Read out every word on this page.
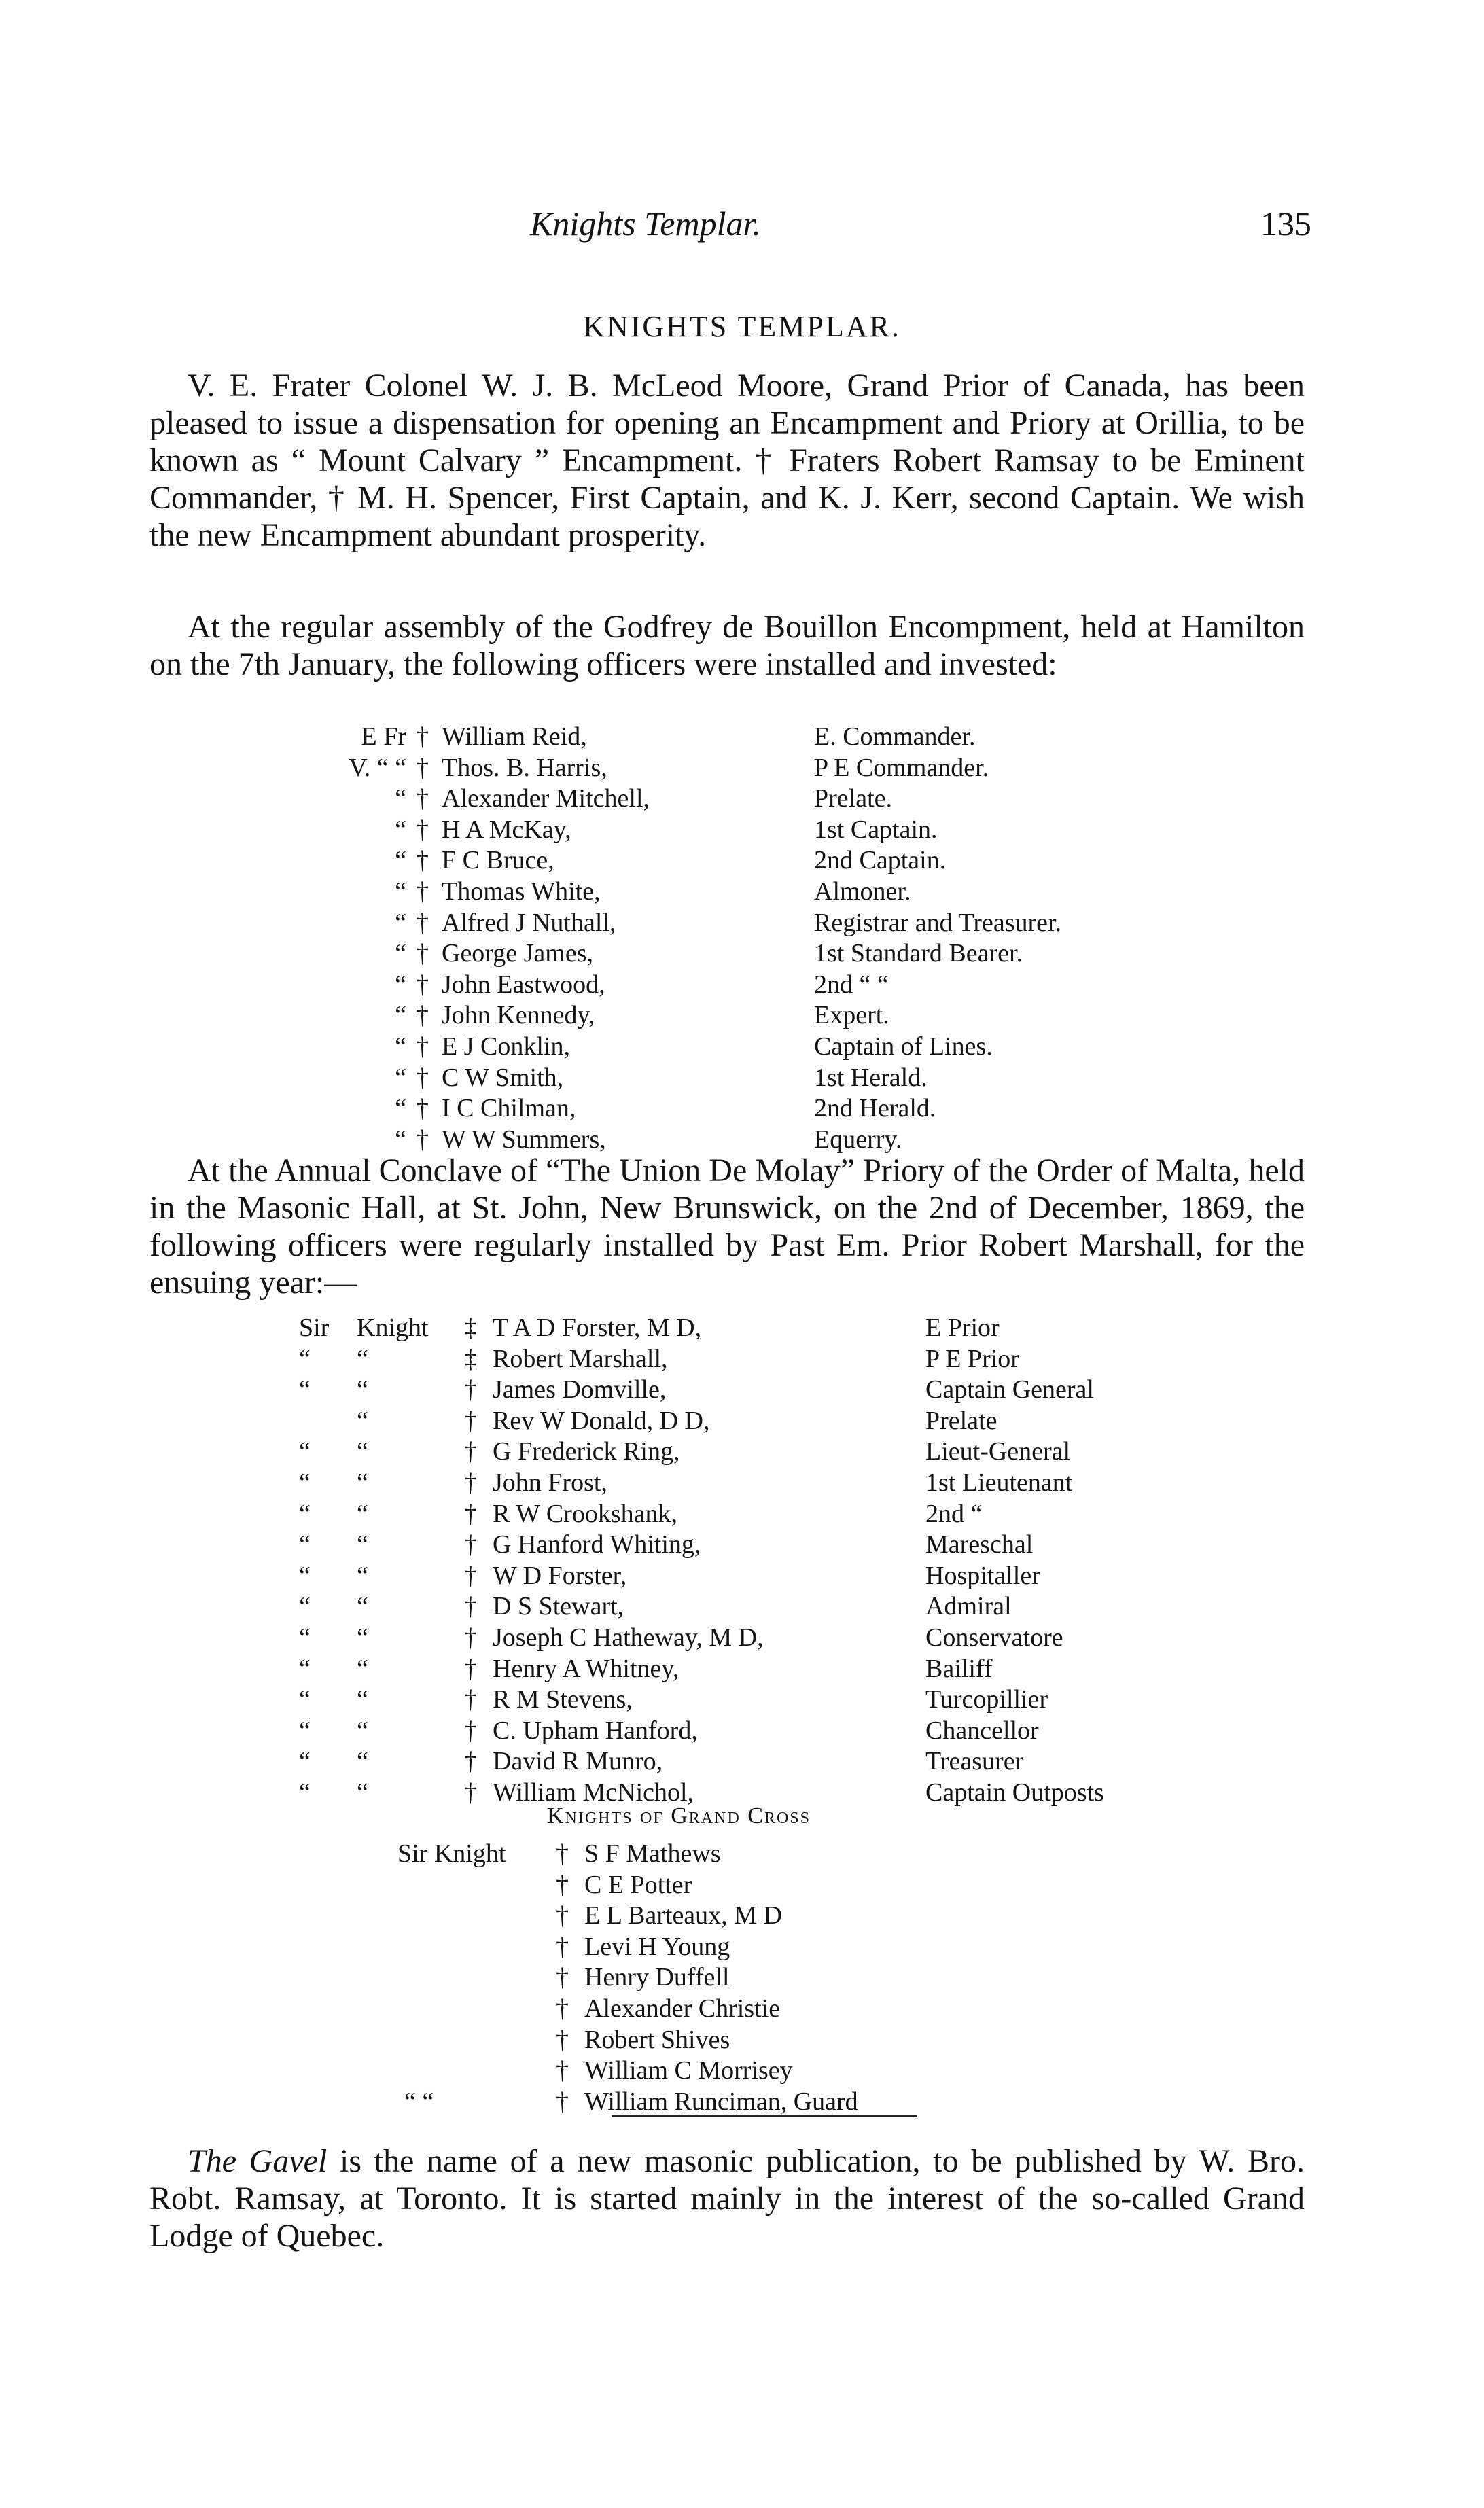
Knights Templar.	135
KNIGHTS TEMPLAR.

V. E. Frater Colonel W. J. B. McLeod Moore, Grand Prior of Canada, has been pleased to issue a dispensation for opening an Encampment and Priory at Orillia, to be known as “ Mount Calvary ” Encampment. † Fraters Robert Ramsay to be Eminent Commander, † M. H. Spencer, First Captain, and K. J. Kerr, second Captain. We wish the new Encampment abundant prosperity.

At the regular assembly of the Godfrey de Bouillon Encompment, held at Hamilton on the 7th January, the following officers were installed and invested:

E Fr † William Reid,	E. Commander.
V. “ “ † Thos. B. Harris,	P E Commander.
“ † Alexander Mitchell,	Prelate.
“ † H A McKay,	1st Captain.
“ † F C Bruce,	2nd Captain.
“ † Thomas White,	Almoner.
“ † Alfred J Nuthall,	Registrar and Treasurer.
“ † George James,	1st Standard Bearer.
“ † John Eastwood,	2nd “ “
“ † John Kennedy,	Expert.
“ † E J Conklin,	Captain of Lines.
“ † C W Smith,	1st Herald.
“ † I C Chilman,	2nd Herald.
“ † W W Summers,	Equerry.

At the Annual Conclave of “The Union De Molay” Priory of the Order of Malta, held in the Masonic Hall, at St. John, New Brunswick, on the 2nd of December, 1869, the following officers were regularly installed by Past Em. Prior Robert Marshall, for the ensuing year:—

Sir Knight ‡ T A D Forster, M D,	E Prior
“ “	‡ Robert Marshall,	P E Prior
“ “	† James Domville,	Captain General
“	† Rev W Donald, D D,	Prelate
“ “	† G Frederick Ring,	Lieut-General
“ “	† John Frost,	1st Lieutenant
“ “	† R W Crookshank,	2nd “
“ “	† G Hanford Whiting,	Mareschal
“ “	† W D Forster,	Hospitaller
“ “	† D S Stewart,	Admiral
“ “	† Joseph C Hatheway, M D,	Conservatore
“ “	† Henry A Whitney,	Bailiff
“ “	† R M Stevens,	Turcopillier
“ “	† C. Upham Hanford,	Chancellor
“ “	† David R Munro,	Treasurer
“ “	† William McNichol,	Captain Outposts
Knights of Grand Cross
Sir Knight † S F Mathews
† C E Potter
† E L Barteaux, M D
† Levi H Young
† Henry Duffell
† Alexander Christie
† Robert Shives
† William C Morrisey
“ “	† William Runciman, Guard

The Gavel is the name of a new masonic publication, to be published by W. Bro. Robt. Ramsay, at Toronto. It is started mainly in the interest of the so-called Grand Lodge of Quebec.
